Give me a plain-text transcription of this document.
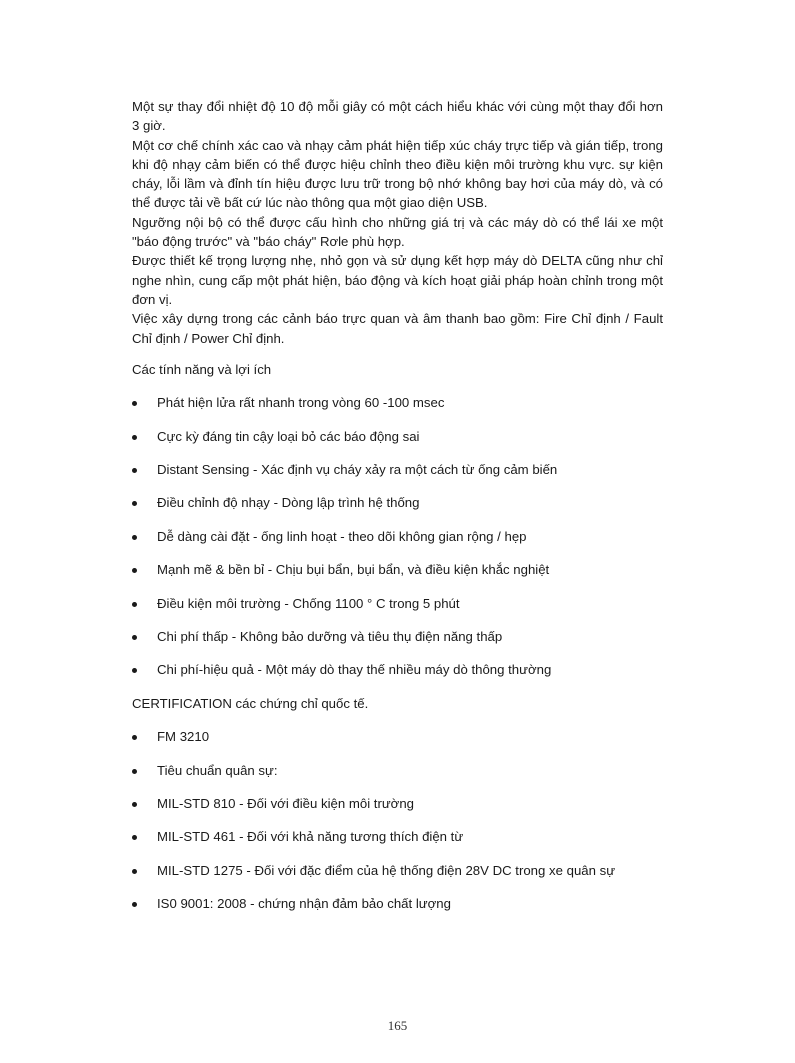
Một sự thay đổi nhiệt độ 10 độ mỗi giây có một cách hiểu khác với cùng một thay đổi hơn 3 giờ.

Một cơ chế chính xác cao và nhạy cảm phát hiện tiếp xúc cháy trực tiếp và gián tiếp, trong khi độ nhạy cảm biến có thể được hiệu chỉnh theo điều kiện môi trường khu vực. sự kiện cháy, lỗi lầm và đỉnh tín hiệu được lưu trữ trong bộ nhớ không bay hơi của máy dò, và có thể được tải về bất cứ lúc nào thông qua một giao diện USB.

Ngưỡng nội bộ có thể được cấu hình cho những giá trị và các máy dò có thể lái xe một "báo động trước" và "báo cháy" Rơle phù hợp.

Được thiết kế trọng lượng nhẹ, nhỏ gọn và sử dụng kết hợp máy dò DELTA cũng như chỉ nghe nhìn, cung cấp một phát hiện, báo động và kích hoạt giải pháp hoàn chỉnh trong một đơn vị.

Việc xây dựng trong các cảnh báo trực quan và âm thanh bao gồm: Fire Chỉ định / Fault Chỉ định / Power Chỉ định.

Các tính năng và lợi ích

Phát hiện lửa rất nhanh trong vòng 60 -100 msec
Cực kỳ đáng tin cậy loại bỏ các báo động sai
Distant Sensing - Xác định vụ cháy xảy ra một cách từ ống cảm biến
Điều chỉnh độ nhạy - Dòng lập trình hệ thống
Dễ dàng cài đặt - ống linh hoạt - theo dõi không gian rộng / hẹp
Mạnh mẽ & bền bỉ - Chịu bụi bẩn, bụi bẩn, và điều kiện khắc nghiệt
Điều kiện môi trường - Chống 1100 ° C trong 5 phút
Chi phí thấp - Không bảo dưỡng và tiêu thụ điện năng thấp
Chi phí-hiệu quả - Một máy dò thay thế nhiều máy dò thông thường

CERTIFICATION các chứng chỉ quốc tế.

FM 3210
Tiêu chuẩn quân sự:
MIL-STD 810 - Đối với điều kiện môi trường
MIL-STD 461 - Đối với khả năng tương thích điện từ
MIL-STD 1275 - Đối với đặc điểm của hệ thống điện 28V DC trong xe quân sự
IS0 9001: 2008 - chứng nhận đảm bảo chất lượng
165
